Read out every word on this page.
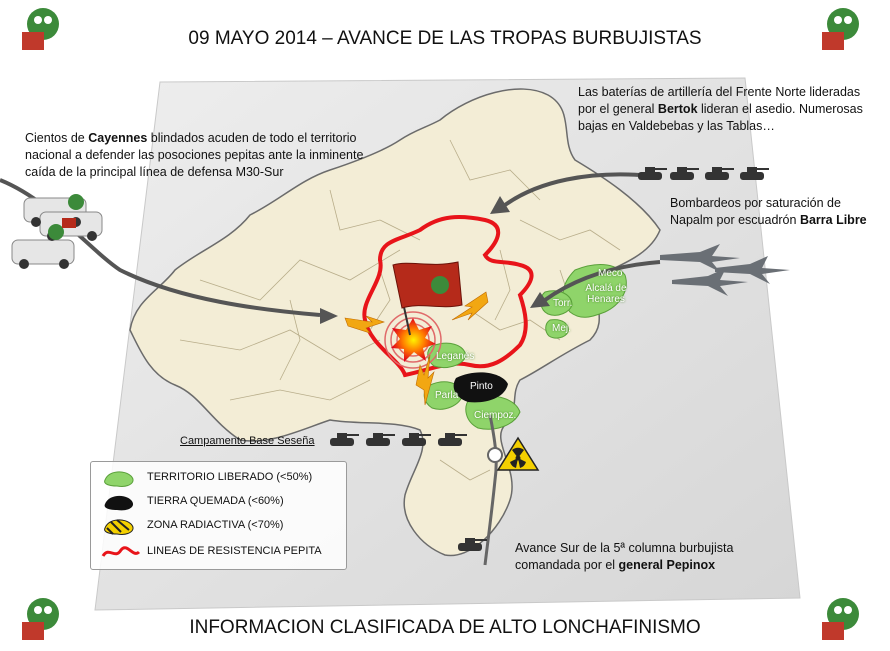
09 MAYO 2014 – AVANCE DE LAS TROPAS BURBUJISTAS
Cientos de Cayennes blindados acuden de todo el territorio nacional a defender las posociones pepitas ante la inminente caída de la principal línea de defensa M30-Sur
Las baterías de artillería del Frente Norte lideradas por el general Bertok lideran el asedio. Numerosas bajas en Valdebebas y las Tablas…
Bombardeos por saturación de Napalm por escuadrón Barra Libre
Avance Sur de la 5ª columna burbujista comandada por el general Pepinox
Campamento Base Seseña
Meco
Alcalá de Henares
Torr.
Mej.
Leganés
Pinto
Parla
Ciempoz.
TERRITORIO LIBERADO (<50%)
TIERRA QUEMADA (<60%)
ZONA RADIACTIVA (<70%)
LINEAS DE RESISTENCIA PEPITA
INFORMACION CLASIFICADA DE ALTO LONCHAFINISMO
